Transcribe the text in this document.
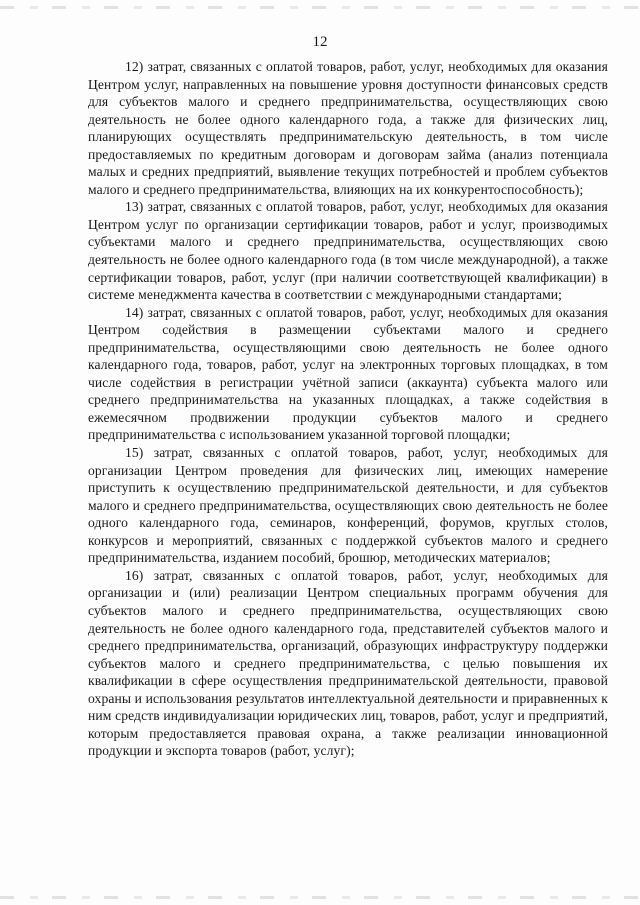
12

12) затрат, связанных с оплатой товаров, работ, услуг, необходимых для оказания Центром услуг, направленных на повышение уровня доступности финансовых средств для субъектов малого и среднего предпринимательства, осуществляющих свою деятельность не более одного календарного года, а также для физических лиц, планирующих осуществлять предпринимательскую деятельность, в том числе предоставляемых по кредитным договорам и договорам займа (анализ потенциала малых и средних предприятий, выявление текущих потребностей и проблем субъектов малого и среднего предпринимательства, влияющих на их конкурентоспособность);

13) затрат, связанных с оплатой товаров, работ, услуг, необходимых для оказания Центром услуг по организации сертификации товаров, работ и услуг, производимых субъектами малого и среднего предпринимательства, осуществляющих свою деятельность не более одного календарного года (в том числе международной), а также сертификации товаров, работ, услуг (при наличии соответствующей квалификации) в системе менеджмента качества в соответствии с международными стандартами;

14) затрат, связанных с оплатой товаров, работ, услуг, необходимых для оказания Центром содействия в размещении субъектами малого и среднего предпринимательства, осуществляющими свою деятельность не более одного календарного года, товаров, работ, услуг на электронных торговых площадках, в том числе содействия в регистрации учётной записи (аккаунта) субъекта малого или среднего предпринимательства на указанных площадках, а также содействия в ежемесячном продвижении продукции субъектов малого и среднего предпринимательства с использованием указанной торговой площадки;

15) затрат, связанных с оплатой товаров, работ, услуг, необходимых для организации Центром проведения для физических лиц, имеющих намерение приступить к осуществлению предпринимательской деятельности, и для субъектов малого и среднего предпринимательства, осуществляющих свою деятельность не более одного календарного года, семинаров, конференций, форумов, круглых столов, конкурсов и мероприятий, связанных с поддержкой субъектов малого и среднего предпринимательства, изданием пособий, брошюр, методических материалов;

16) затрат, связанных с оплатой товаров, работ, услуг, необходимых для организации и (или) реализации Центром специальных программ обучения для субъектов малого и среднего предпринимательства, осуществляющих свою деятельность не более одного календарного года, представителей субъектов малого и среднего предпринимательства, организаций, образующих инфраструктуру поддержки субъектов малого и среднего предпринимательства, с целью повышения их квалификации в сфере осуществления предпринимательской деятельности, правовой охраны и использования результатов интеллектуальной деятельности и приравненных к ним средств индивидуализации юридических лиц, товаров, работ, услуг и предприятий, которым предоставляется правовая охрана, а также реализации инновационной продукции и экспорта товаров (работ, услуг);
